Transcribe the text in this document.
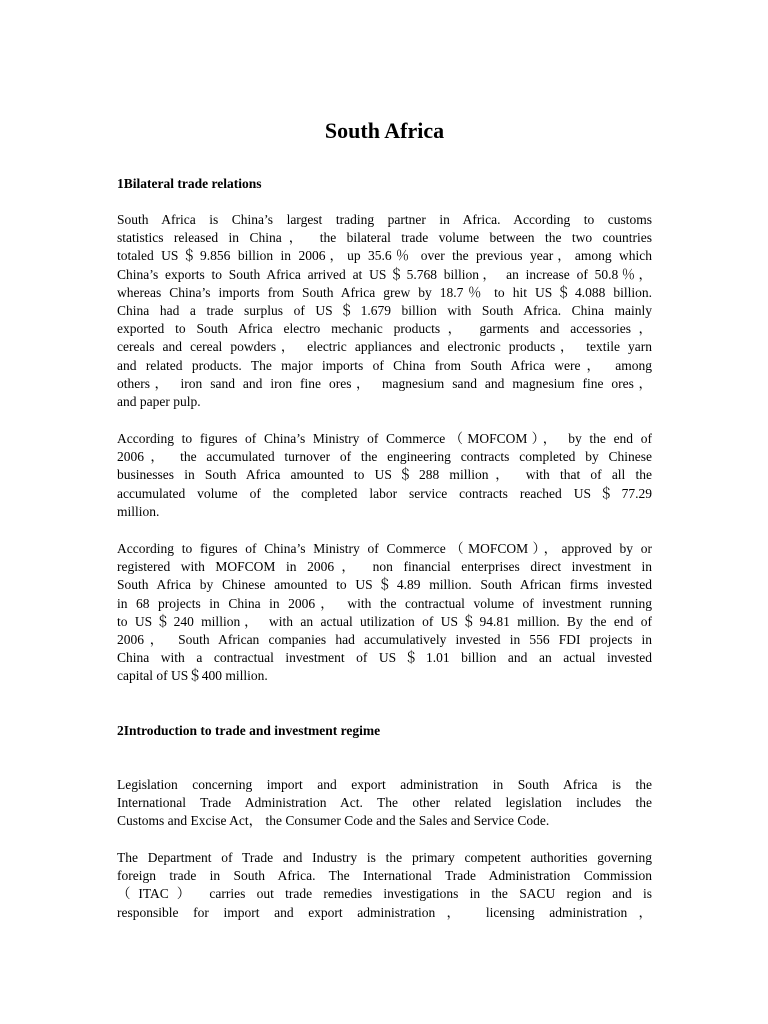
South Africa
1Bilateral trade relations

South Africa is China’s largest trading partner in Africa. According to customs
statistics released in China， the bilateral trade volume between the two countries
totaled US＄9.856 billion in 2006，up 35.6％ over the previous year，among which
China’s exports to South Africa arrived at US＄5.768 billion， an increase of 50.8％，
whereas China’s imports from South Africa grew by 18.7％ to hit US＄4.088 billion.
China had a trade surplus of US＄1.679 billion with South Africa. China mainly
exported to South Africa electro mechanic products， garments and accessories，
cereals and cereal powders， electric appliances and electronic products， textile yarn
and related products. The major imports of China from South Africa were， among
others， iron sand and iron fine ores， magnesium sand and magnesium fine ores，
and paper pulp.

According to figures of China’s Ministry of Commerce（MOFCOM）， by the end of
2006， the accumulated turnover of the engineering contracts completed by Chinese
businesses in South Africa amounted to US＄288 million， with that of all the
accumulated volume of the completed labor service contracts reached US＄77.29
million.

According to figures of China’s Ministry of Commerce（MOFCOM），approved by or
registered with MOFCOM in 2006， non financial enterprises direct investment in
South Africa by Chinese amounted to US＄4.89 million. South African firms invested
in 68 projects in China in 2006， with the contractual volume of investment running
to US＄240 million， with an actual utilization of US＄94.81 million. By the end of
2006， South African companies had accumulatively invested in 556 FDI projects in
China with a contractual investment of US＄1.01 billion and an actual invested
capital of US＄400 million.

2Introduction to trade and investment regime

Legislation concerning import and export administration in South Africa is the
International Trade Administration Act. The other related legislation includes the
Customs and Excise Act， the Consumer Code and the Sales and Service Code.

The Department of Trade and Industry is the primary competent authorities governing
foreign trade in South Africa. The International Trade Administration Commission
（ITAC） carries out trade remedies investigations in the SACU region and is
responsible for import and export administration， licensing administration，
